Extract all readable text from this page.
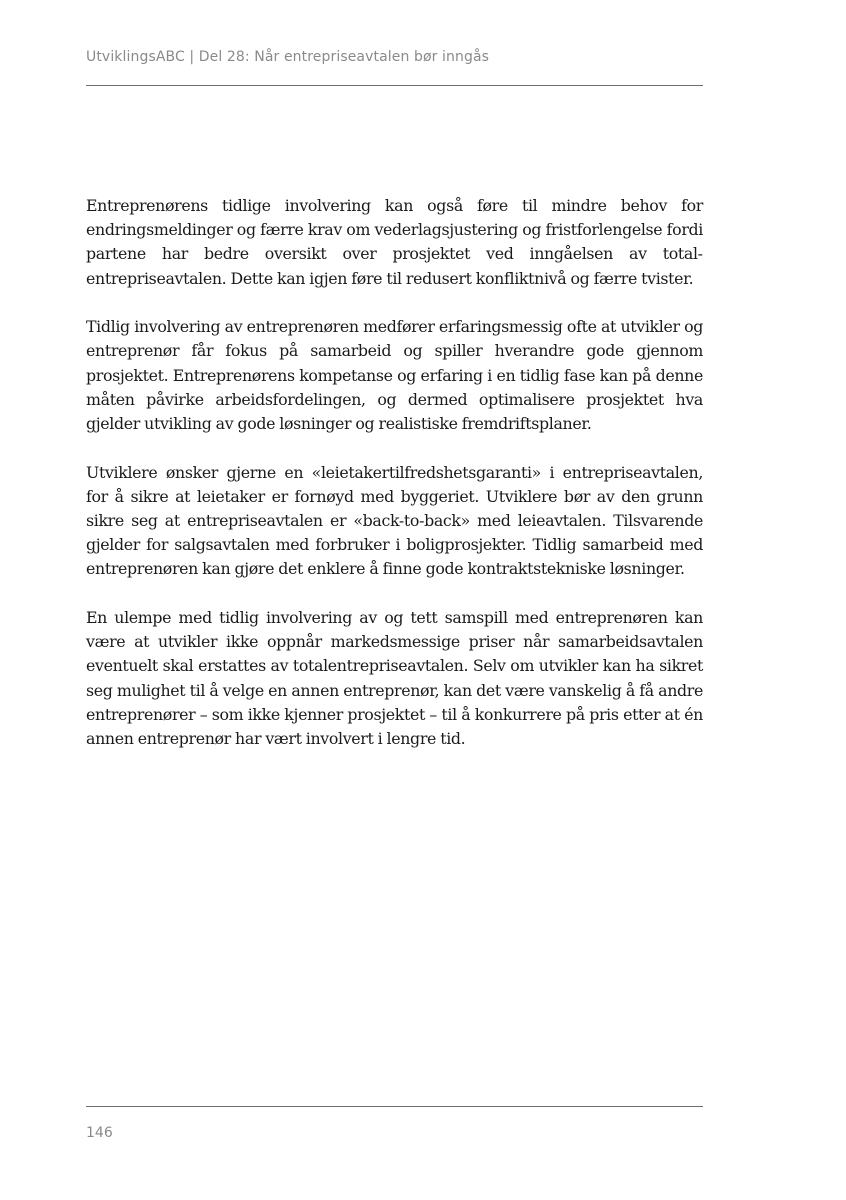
UtviklingsABC | Del 28: Når entrepriseavtalen bør inngås

Entreprenørens tidlige involvering kan også føre til mindre behov for endringsmeldinger og færre krav om vederlagsjustering og fristforlengelse fordi partene har bedre oversikt over prosjektet ved inngåelsen av totalentrepriseavtalen. Dette kan igjen føre til redusert konfliktnivå og færre tvister.

Tidlig involvering av entreprenøren medfører erfaringsmessig ofte at utvikler og entreprenør får fokus på samarbeid og spiller hverandre gode gjennom prosjektet. Entreprenørens kompetanse og erfaring i en tidlig fase kan på denne måten påvirke arbeidsfordelingen, og dermed optimalisere prosjektet hva gjelder utvikling av gode løsninger og realistiske fremdriftsplaner.

Utviklere ønsker gjerne en «leietakertilfredshetsgaranti» i entrepriseavtalen, for å sikre at leietaker er fornøyd med byggeriet. Utviklere bør av den grunn sikre seg at entrepriseavtalen er «back-to-back» med leieavtalen. Tilsvarende gjelder for salgsavtalen med forbruker i boligprosjekter. Tidlig samarbeid med entreprenøren kan gjøre det enklere å finne gode kontraktstekniske løsninger.

En ulempe med tidlig involvering av og tett samspill med entreprenøren kan være at utvikler ikke oppnår markedsmessige priser når samarbeidsavtalen eventuelt skal erstattes av totalentrepriseavtalen. Selv om utvikler kan ha sikret seg mulighet til å velge en annen entreprenør, kan det være vanskelig å få andre entreprenører – som ikke kjenner prosjektet – til å konkurrere på pris etter at én annen entreprenør har vært involvert i lengre tid.

146
